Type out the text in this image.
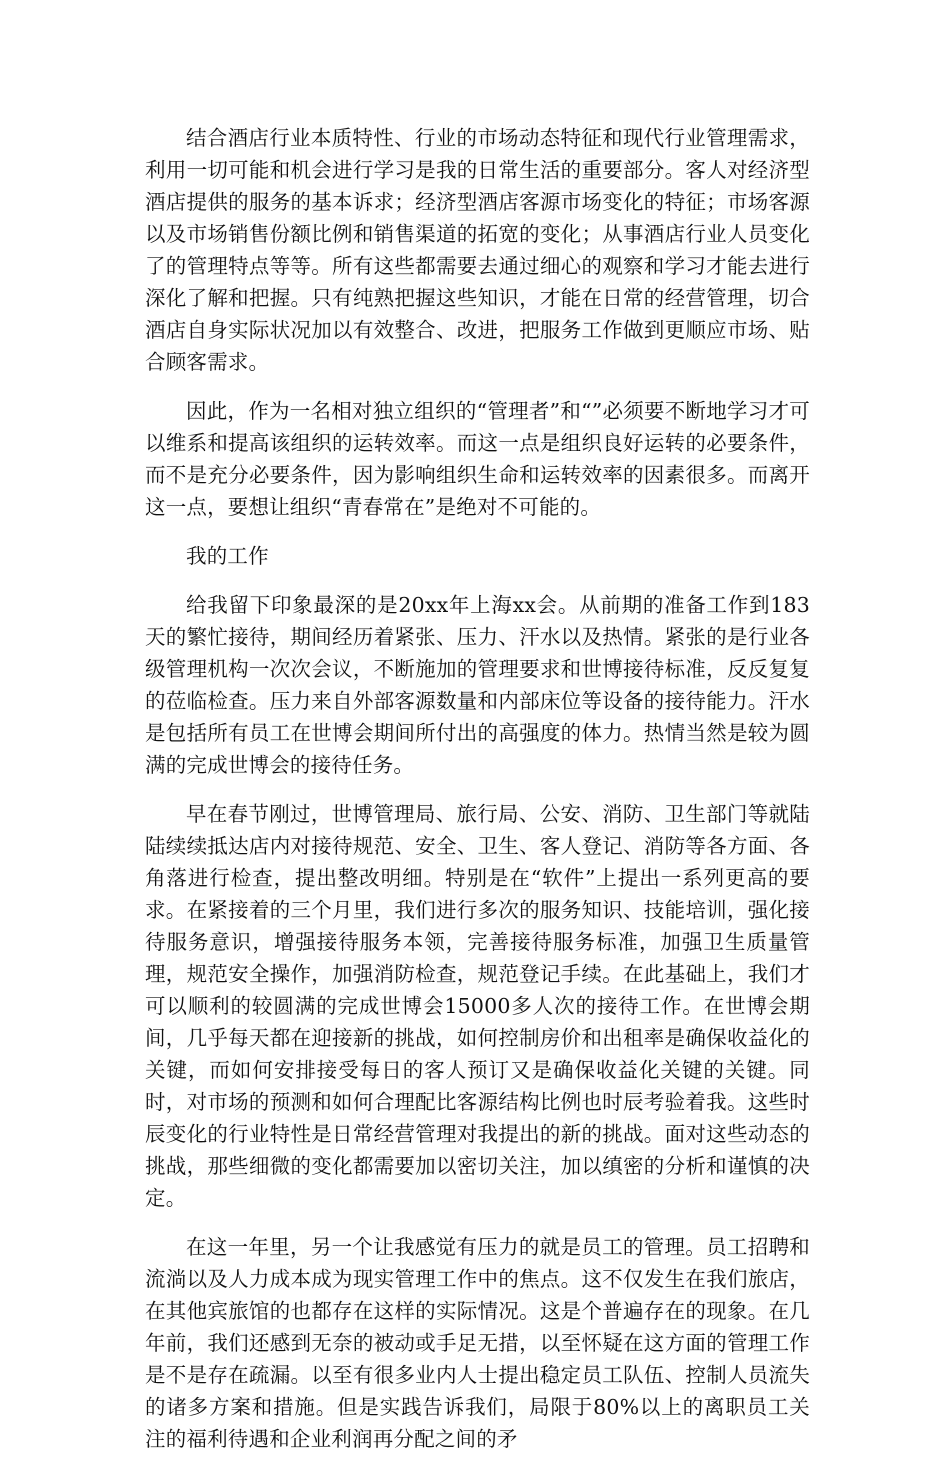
结合酒店行业本质特性、行业的市场动态特征和现代行业管理需求，利用一切可能和机会进行学习是我的日常生活的重要部分。客人对经济型酒店提供的服务的基本诉求；经济型酒店客源市场变化的特征；市场客源以及市场销售份额比例和销售渠道的拓宽的变化；从事酒店行业人员变化了的管理特点等等。所有这些都需要去通过细心的观察和学习才能去进行深化了解和把握。只有纯熟把握这些知识，才能在日常的经营管理，切合酒店自身实际状况加以有效整合、改进，把服务工作做到更顺应市场、贴合顾客需求。

因此，作为一名相对独立组织的“管理者”和“”必须要不断地学习才可以维系和提高该组织的运转效率。而这一点是组织良好运转的必要条件，而不是充分必要条件，因为影响组织生命和运转效率的因素很多。而离开这一点，要想让组织“青春常在”是绝对不可能的。

我的工作

给我留下印象最深的是20xx年上海xx会。从前期的准备工作到183天的繁忙接待，期间经历着紧张、压力、汗水以及热情。紧张的是行业各级管理机构一次次会议，不断施加的管理要求和世博接待标准，反反复复的莅临检查。压力来自外部客源数量和内部床位等设备的接待能力。汗水是包括所有员工在世博会期间所付出的高强度的体力。热情当然是较为圆满的完成世博会的接待任务。

早在春节刚过，世博管理局、旅行局、公安、消防、卫生部门等就陆陆续续抵达店内对接待规范、安全、卫生、客人登记、消防等各方面、各角落进行检查，提出整改明细。特别是在“软件”上提出一系列更高的要求。在紧接着的三个月里，我们进行多次的服务知识、技能培训，强化接待服务意识，增强接待服务本领，完善接待服务标准，加强卫生质量管理，规范安全操作，加强消防检查，规范登记手续。在此基础上，我们才可以顺利的较圆满的完成世博会15000多人次的接待工作。在世博会期间，几乎每天都在迎接新的挑战，如何控制房价和出租率是确保收益化的关键，而如何安排接受每日的客人预订又是确保收益化关键的关键。同时，对市场的预测和如何合理配比客源结构比例也时辰考验着我。这些时辰变化的行业特性是日常经营管理对我提出的新的挑战。面对这些动态的挑战，那些细微的变化都需要加以密切关注，加以缜密的分析和谨慎的决定。

在这一年里，另一个让我感觉有压力的就是员工的管理。员工招聘和流淌以及人力成本成为现实管理工作中的焦点。这不仅发生在我们旅店，在其他宾旅馆的也都存在这样的实际情况。这是个普遍存在的现象。在几年前，我们还感到无奈的被动或手足无措，以至怀疑在这方面的管理工作是不是存在疏漏。以至有很多业内人士提出稳定员工队伍、控制人员流失的诸多方案和措施。但是实践告诉我们，局限于80%以上的离职员工关注的福利待遇和企业利润再分配之间的矛
